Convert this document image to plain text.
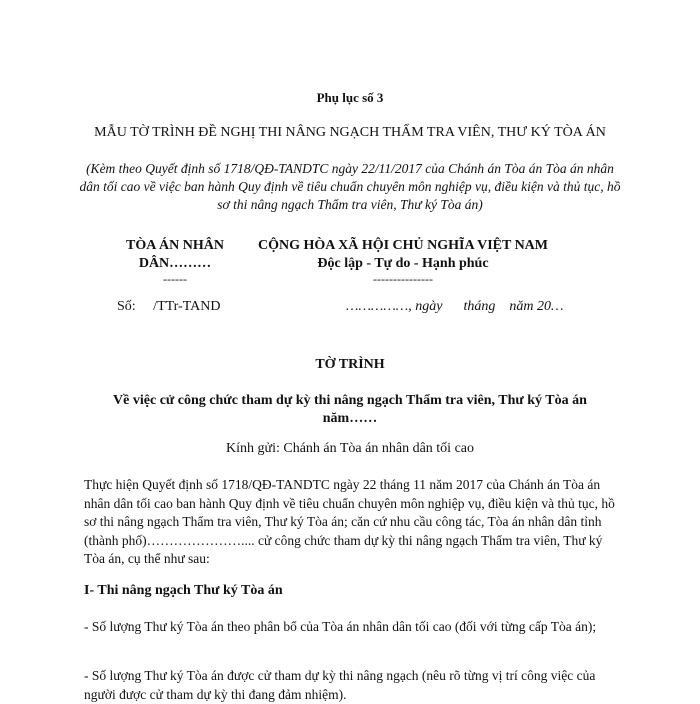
Phụ lục số 3
MẪU TỜ TRÌNH ĐỀ NGHỊ THI NÂNG NGẠCH THẨM TRA VIÊN, THƯ KÝ TÒA ÁN
(Kèm theo Quyết định số 1718/QĐ-TANDTC ngày 22/11/2017 của Chánh án Tòa án Tòa án nhân dân tối cao về việc ban hành Quy định về tiêu chuẩn chuyên môn nghiệp vụ, điều kiện và thủ tục, hồ sơ thi nâng ngạch Thẩm tra viên, Thư ký Tòa án)
TÒA ÁN NHÂN
DÂN………
------
Số:     /TTr-TAND
CỘNG HÒA XÃ HỘI CHỦ NGHĨA VIỆT NAM
Độc lập - Tự do - Hạnh phúc
---------------
……………, ngày      tháng    năm 20…
TỜ TRÌNH
Về việc cử công chức tham dự kỳ thi nâng ngạch Thẩm tra viên, Thư ký Tòa án năm……
Kính gửi: Chánh án Tòa án nhân dân tối cao
Thực hiện Quyết định số 1718/QĐ-TANDTC ngày 22 tháng 11 năm 2017 của Chánh án Tòa án nhân dân tối cao ban hành Quy định về tiêu chuẩn chuyên môn nghiệp vụ, điều kiện và thủ tục, hồ sơ thi nâng ngạch Thẩm tra viên, Thư ký Tòa án; căn cứ nhu cầu công tác, Tòa án nhân dân tỉnh (thành phố)………………….... cử công chức tham dự kỳ thi nâng ngạch Thẩm tra viên, Thư ký Tòa án, cụ thể như sau:
I- Thi nâng ngạch Thư ký Tòa án
- Số lượng Thư ký Tòa án theo phân bổ của Tòa án nhân dân tối cao (đối với từng cấp Tòa án);
- Số lượng Thư ký Tòa án được cử tham dự kỳ thi nâng ngạch (nêu rõ từng vị trí công việc của người được cử tham dự kỳ thi đang đảm nhiệm).
